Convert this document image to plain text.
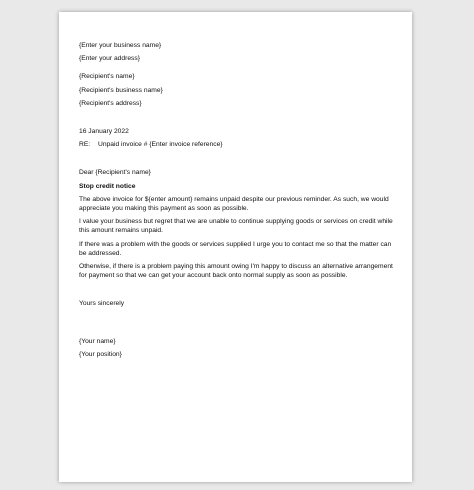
{Enter your business name}
{Enter your address}
{Recipient's name}
{Recipient's business name}
{Recipient's address}
16 January 2022
RE:	Unpaid invoice # {Enter invoice reference}
Dear {Recipient's name}
Stop credit notice
The above invoice for ${enter amount} remains unpaid despite our previous reminder. As such, we would appreciate you making this payment as soon as possible.
I value your business but regret that we are unable to continue supplying goods or services on credit while this amount remains unpaid.
If there was a problem with the goods or services supplied I urge you to contact me so that the matter can be addressed.
Otherwise, if there is a problem paying this amount owing I'm happy to discuss an alternative arrangement for payment so that we can get your account back onto normal supply as soon as possible.
Yours sincerely
{Your name}
{Your position}
